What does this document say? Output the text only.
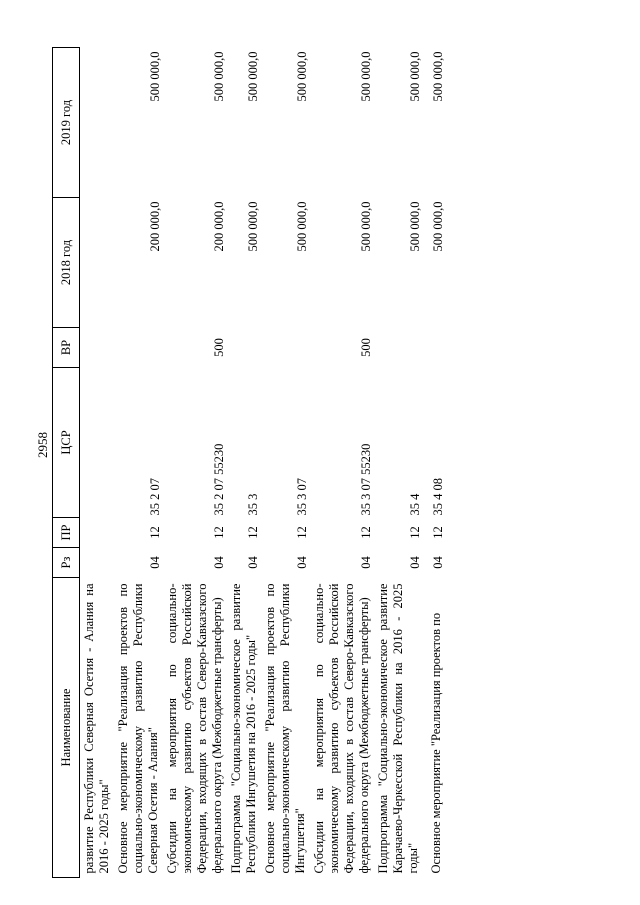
2958
Наименование	Рз	ПР	ЦСР	ВР	2018 год	2019 год
развитие Республики Северная Осетия - Алания на 2016 - 2025 годы"						
Основное мероприятие "Реализация проектов по социально-экономическому развитию Республики Северная Осетия - Алания"	04	12	35 2 07		200 000,0	500 000,0
Субсидии на мероприятия по социально-экономическому развитию субъектов Российской Федерации, входящих в состав Северо-Кавказского федерального округа (Межбюджетные трансферты)	04	12	35 2 07 55230	500	200 000,0	500 000,0
Подпрограмма "Социально-экономическое развитие Республики Ингушетия на 2016 - 2025 годы"	04	12	35 3		500 000,0	500 000,0
Основное мероприятие "Реализация проектов по социально-экономическому развитию Республики Ингушетия"	04	12	35 3 07		500 000,0	500 000,0
Субсидии на мероприятия по социально-экономическому развитию субъектов Российской Федерации, входящих в состав Северо-Кавказского федерального округа (Межбюджетные трансферты)	04	12	35 3 07 55230	500	500 000,0	500 000,0
Подпрограмма "Социально-экономическое развитие Карачаево-Черкесской Республики на 2016 - 2025 годы"	04	12	35 4		500 000,0	500 000,0
Основное мероприятие "Реализация проектов по	04	12	35 4 08		500 000,0	500 000,0
